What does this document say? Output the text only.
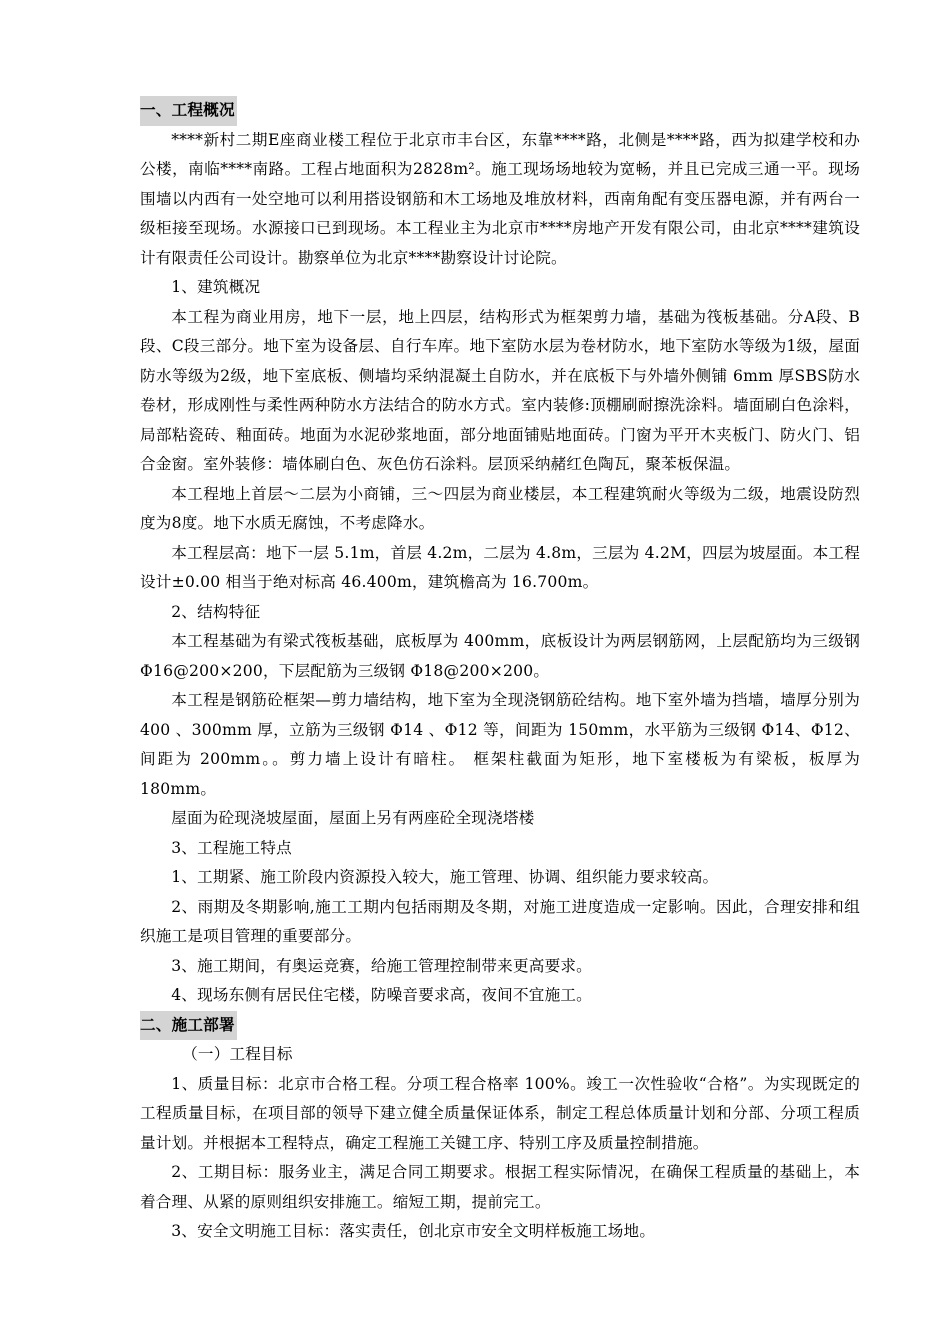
一、工程概况

****新村二期E座商业楼工程位于北京市丰台区，东靠****路，北侧是****路，西为拟建学校和办公楼，南临****南路。工程占地面积为2828m²。施工现场场地较为宽畅，并且已完成三通一平。现场围墙以内西有一处空地可以利用搭设钢筋和木工场地及堆放材料，西南角配有变压器电源，并有两台一级柜接至现场。水源接口已到现场。本工程业主为北京市****房地产开发有限公司，由北京****建筑设计有限责任公司设计。勘察单位为北京****勘察设计讨论院。

1、建筑概况

本工程为商业用房，地下一层，地上四层，结构形式为框架剪力墙，基础为筏板基础。分A段、B段、C段三部分。地下室为设备层、自行车库。地下室防水层为卷材防水，地下室防水等级为1级，屋面防水等级为2级，地下室底板、侧墙均采纳混凝土自防水，并在底板下与外墙外侧铺 6mm 厚SBS防水卷材，形成刚性与柔性两种防水方法结合的防水方式。室内装修:顶棚刷耐擦洗涂料。墙面刷白色涂料，局部粘瓷砖、釉面砖。地面为水泥砂浆地面，部分地面铺贴地面砖。门窗为平开木夹板门、防火门、铝合金窗。室外装修：墙体刷白色、灰色仿石涂料。层顶采纳赭红色陶瓦，聚苯板保温。

本工程地上首层～二层为小商铺，三～四层为商业楼层，本工程建筑耐火等级为二级，地震设防烈度为8度。地下水质无腐蚀，不考虑降水。

本工程层高：地下一层 5.1m，首层 4.2m，二层为 4.8m，三层为 4.2M，四层为坡屋面。本工程设计±0.00 相当于绝对标高 46.400m，建筑檐高为 16.700m。

2、结构特征

本工程基础为有梁式筏板基础，底板厚为 400mm，底板设计为两层钢筋网，上层配筋均为三级钢 Φ16@200×200，下层配筋为三级钢 Φ18@200×200。

本工程是钢筋砼框架—剪力墙结构，地下室为全现浇钢筋砼结构。地下室外墙为挡墙，墙厚分别为 400 、300mm 厚，立筋为三级钢 Φ14 、Φ12 等，间距为 150mm，水平筋为三级钢 Φ14、Φ12、间距为 200mm。。剪力墙上设计有暗柱。 框架柱截面为矩形，地下室楼板为有梁板，板厚为 180mm。

屋面为砼现浇坡屋面，屋面上另有两座砼全现浇塔楼

3、工程施工特点

1、工期紧、施工阶段内资源投入较大，施工管理、协调、组织能力要求较高。

2、雨期及冬期影响,施工工期内包括雨期及冬期，对施工进度造成一定影响。因此，合理安排和组织施工是项目管理的重要部分。

3、施工期间，有奥运竞赛，给施工管理控制带来更高要求。

4、现场东侧有居民住宅楼，防噪音要求高，夜间不宜施工。

二、施工部署

（一）工程目标

1、质量目标：北京市合格工程。分项工程合格率 100%。竣工一次性验收“合格”。为实现既定的工程质量目标，在项目部的领导下建立健全质量保证体系，制定工程总体质量计划和分部、分项工程质量计划。并根据本工程特点，确定工程施工关键工序、特别工序及质量控制措施。

2、工期目标：服务业主，满足合同工期要求。根据工程实际情况，在确保工程质量的基础上，本着合理、从紧的原则组织安排施工。缩短工期，提前完工。

3、安全文明施工目标：落实责任，创北京市安全文明样板施工场地。
